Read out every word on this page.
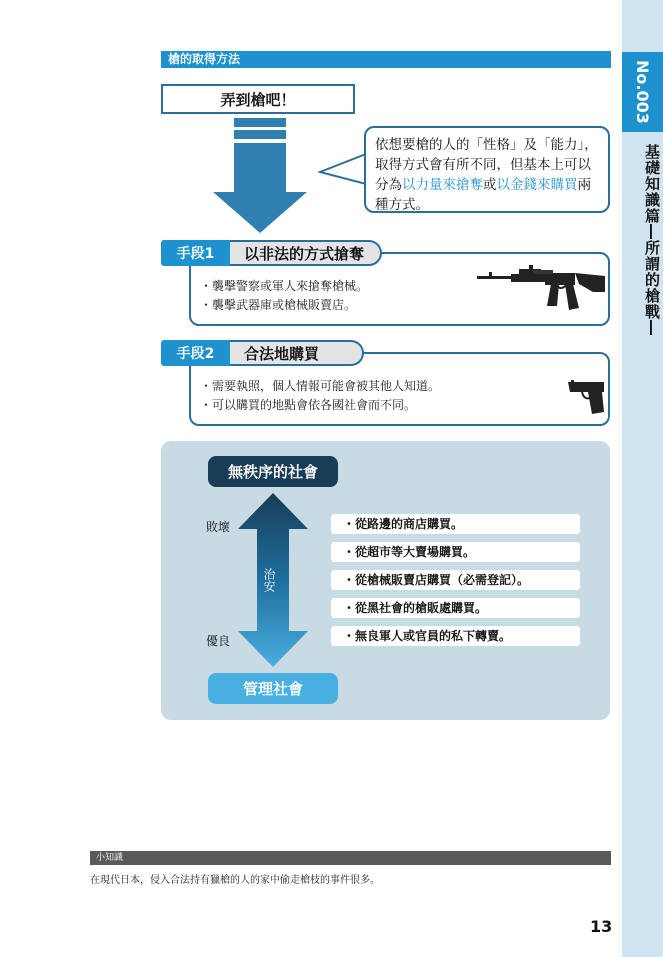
No.003
基礎知識篇―所謂的槍戰―
槍的取得方法
弄到槍吧！
依想要槍的人的「性格」及「能力」，取得方式會有所不同，但基本上可以分為以力量來搶奪或以金錢來購買兩種方式。
手段1	以非法的方式搶奪
・襲擊警察或軍人來搶奪槍械。
・襲擊武器庫或槍械販賣店。
手段2	合法地購買
・需要執照，個人情報可能會被其他人知道。
・可以購買的地點會依各國社會而不同。
無秩序的社會
管理社會
治安
敗壞
優良
・從路邊的商店購買。
・從超市等大賣場購買。
・從槍械販賣店購買（必需登記）。
・從黑社會的槍販處購買。
・無良軍人或官員的私下轉賣。
小知識
在現代日本，侵入合法持有獵槍的人的家中偷走槍枝的事件很多。
13
